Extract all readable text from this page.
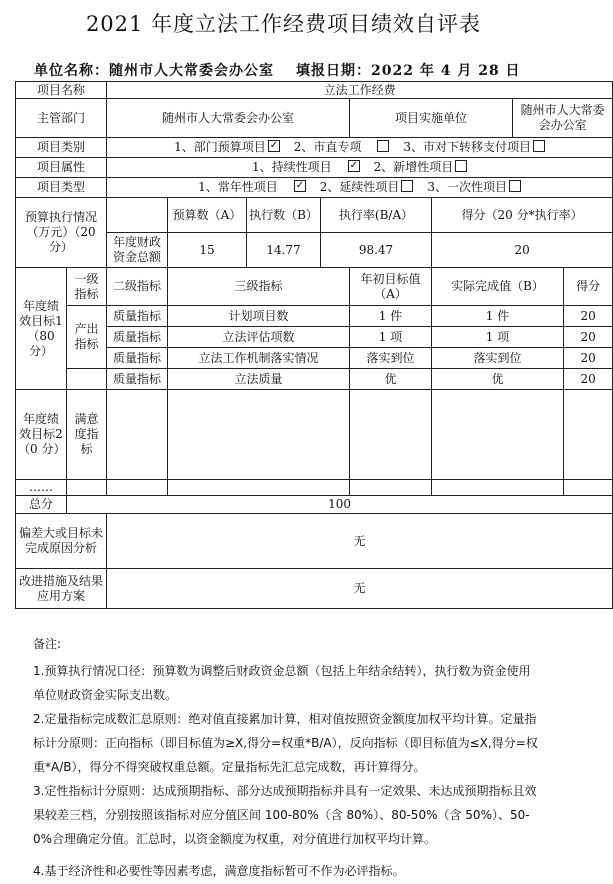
2021 年度立法工作经费项目绩效自评表
单位名称：随州市人大常委会办公室 填报日期：2022 年 4 月 28 日
项目名称		立法工作经费							
主管部门		随州市人大常委会办公室				项目实施单位		随州市人大常委会办公室	
项目类别		1、部门预算项目 ✓ 2、市直专项 3、市对下转移支付项目
项目属性		1、持续性项目 ✓ 2、新增性项目
项目类型		1、常年性项目 ✓ 2、延续性项目 3、一次性项目
预算执行情况（万元）（20 分）			预算数（A）	执行数（B）	执行率(B/A）		得分（20 分*执行率）		
		年度财政资金总额	15	14.77	98.47		20		
年度绩效目标1（80 分）	一级指标	二级指标	三级指标			年初目标值（A）	实际完成值（B）		得分
	产出指标	质量指标	计划项目数			1 件	1 件		20
		质量指标	立法评估项数			1 项	1 项		20
		质量指标	立法工作机制落实情况			落实到位	落实到位		20
		质量指标	立法质量			优	优		20
年度绩效目标2（0 分）	满意度指标								
……									
总分	100								
偏差大或目标未完成原因分析		无							
改进措施及结果应用方案		无							

备注:

1.预算执行情况口径：预算数为调整后财政资金总额（包括上年结余结转），执行数为资金使用单位财政资金实际支出数。

2.定量指标完成数汇总原则：绝对值直接累加计算，相对值按照资金额度加权平均计算。定量指标计分原则：正向指标（即目标值为≥X,得分=权重*B/A），反向指标（即目标值为≤X,得分=权重*A/B），得分不得突破权重总额。定量指标先汇总完成数，再计算得分。

3.定性指标计分原则：达成预期指标、部分达成预期指标并具有一定效果、未达成预期指标且效果较差三档，分别按照该指标对应分值区间 100-80%（含 80%）、80-50%（含 50%）、50-0%合理确定分值。汇总时，以资金额度为权重，对分值进行加权平均计算。

4.基于经济性和必要性等因素考虑，满意度指标暂可不作为必评指标。
